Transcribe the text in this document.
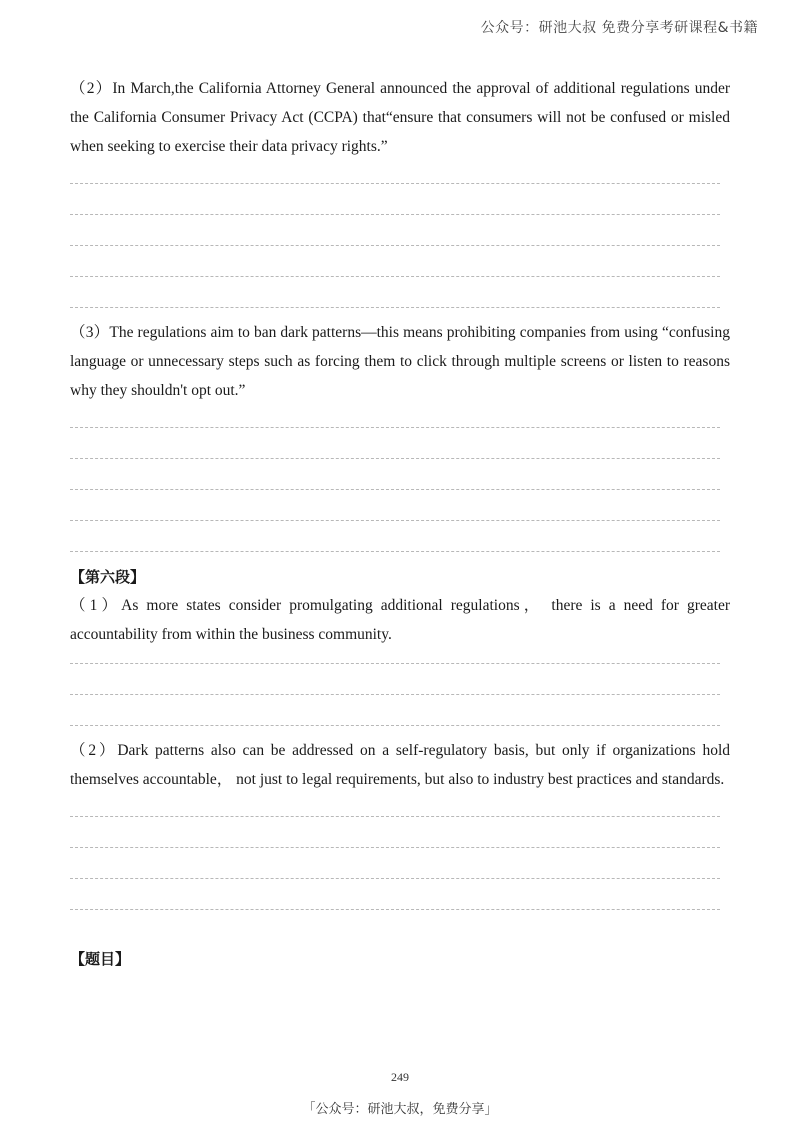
公众号：研池大叔 免费分享考研课程&书籍

（2）In March,the California Attorney General announced the approval of additional regulations under the California Consumer Privacy Act (CCPA) that“ensure that consumers will not be confused or misled when seeking to exercise their data privacy rights.”

（3）The regulations aim to ban dark patterns—this means prohibiting companies from using “confusing language or unnecessary steps such as forcing them to click through multiple screens or listen to reasons why they shouldn't opt out.”

【第六段】

（1）As more states consider promulgating additional regulations， there is a need for greater accountability from within the business community.

（2）Dark patterns also can be addressed on a self-regulatory basis, but only if organizations hold themselves accountable， not just to legal requirements, but also to industry best practices and standards.

【题目】

249
「公众号：研池大叔，免费分享」
